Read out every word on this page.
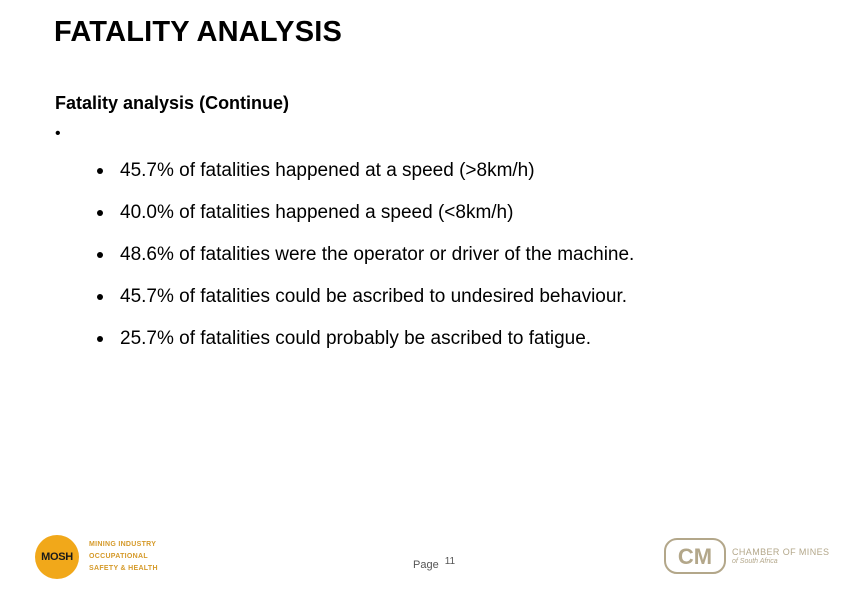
FATALITY ANALYSIS
Fatality analysis (Continue)
•
45.7% of fatalities happened at a speed (>8km/h)
40.0% of fatalities happened a speed (<8km/h)
48.6% of fatalities were the operator or driver of the machine.
45.7% of fatalities could be ascribed to undesired behaviour.
25.7% of fatalities could probably be ascribed to fatigue.
MOSH
MINING INDUSTRY
OCCUPATIONAL
SAFETY & HEALTH	Page 11	CM CHAMBER OF MINES
of South Africa
